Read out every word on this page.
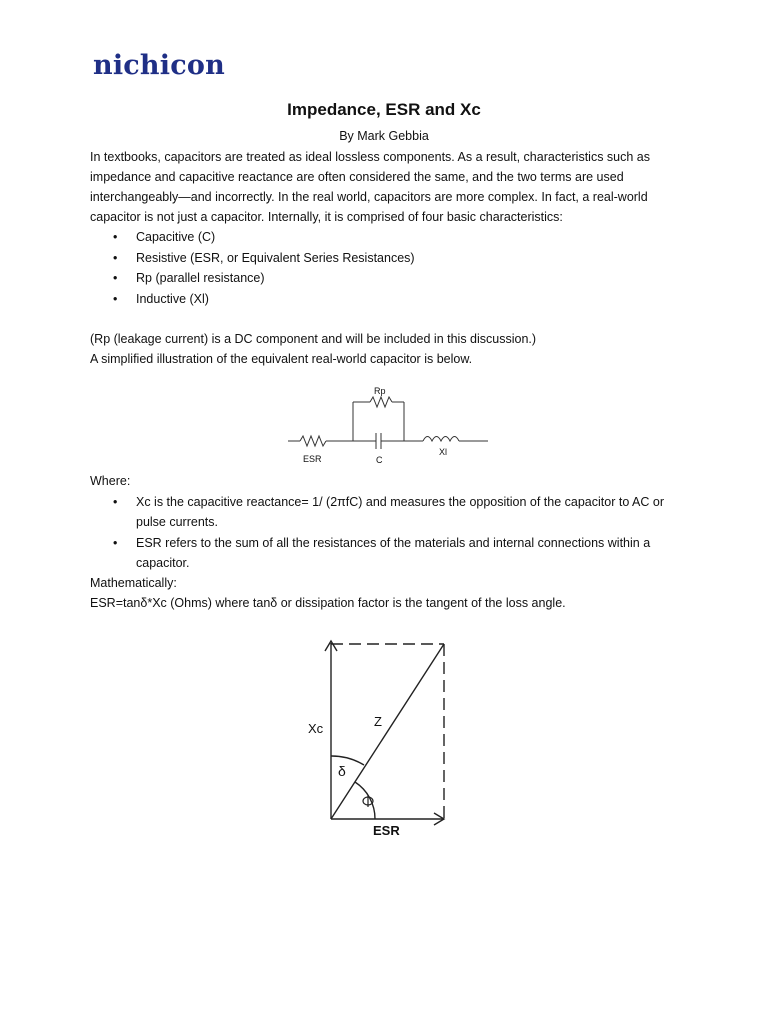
nichicon
Impedance, ESR and Xc
By Mark Gebbia
In textbooks, capacitors are treated as ideal lossless components. As a result, characteristics such as
impedance and capacitive reactance are often considered the same, and the two terms are used
interchangeably—and incorrectly. In the real world, capacitors are more complex. In fact, a real-world
capacitor is not just a capacitor. Internally, it is comprised of four basic characteristics:
• Capacitive (C)
• Resistive (ESR, or Equivalent Series Resistances)
• Rp (parallel resistance)
• Inductive (Xl)
(Rp (leakage current) is a DC component and will be included in this discussion.)
A simplified illustration of the equivalent real-world capacitor is below.
Rp
ESR	C
Xl
Where:
• Xc is the capacitive reactance= 1/ (2πfC) and measures the opposition of the capacitor to AC or
pulse currents.
• ESR refers to the sum of all the resistances of the materials and internal connections within a
capacitor.
Mathematically:
ESR=tanδ*Xc (Ohms) where tanδ or dissipation factor is the tangent of the loss angle.
Xc	Z
δ
ESR
